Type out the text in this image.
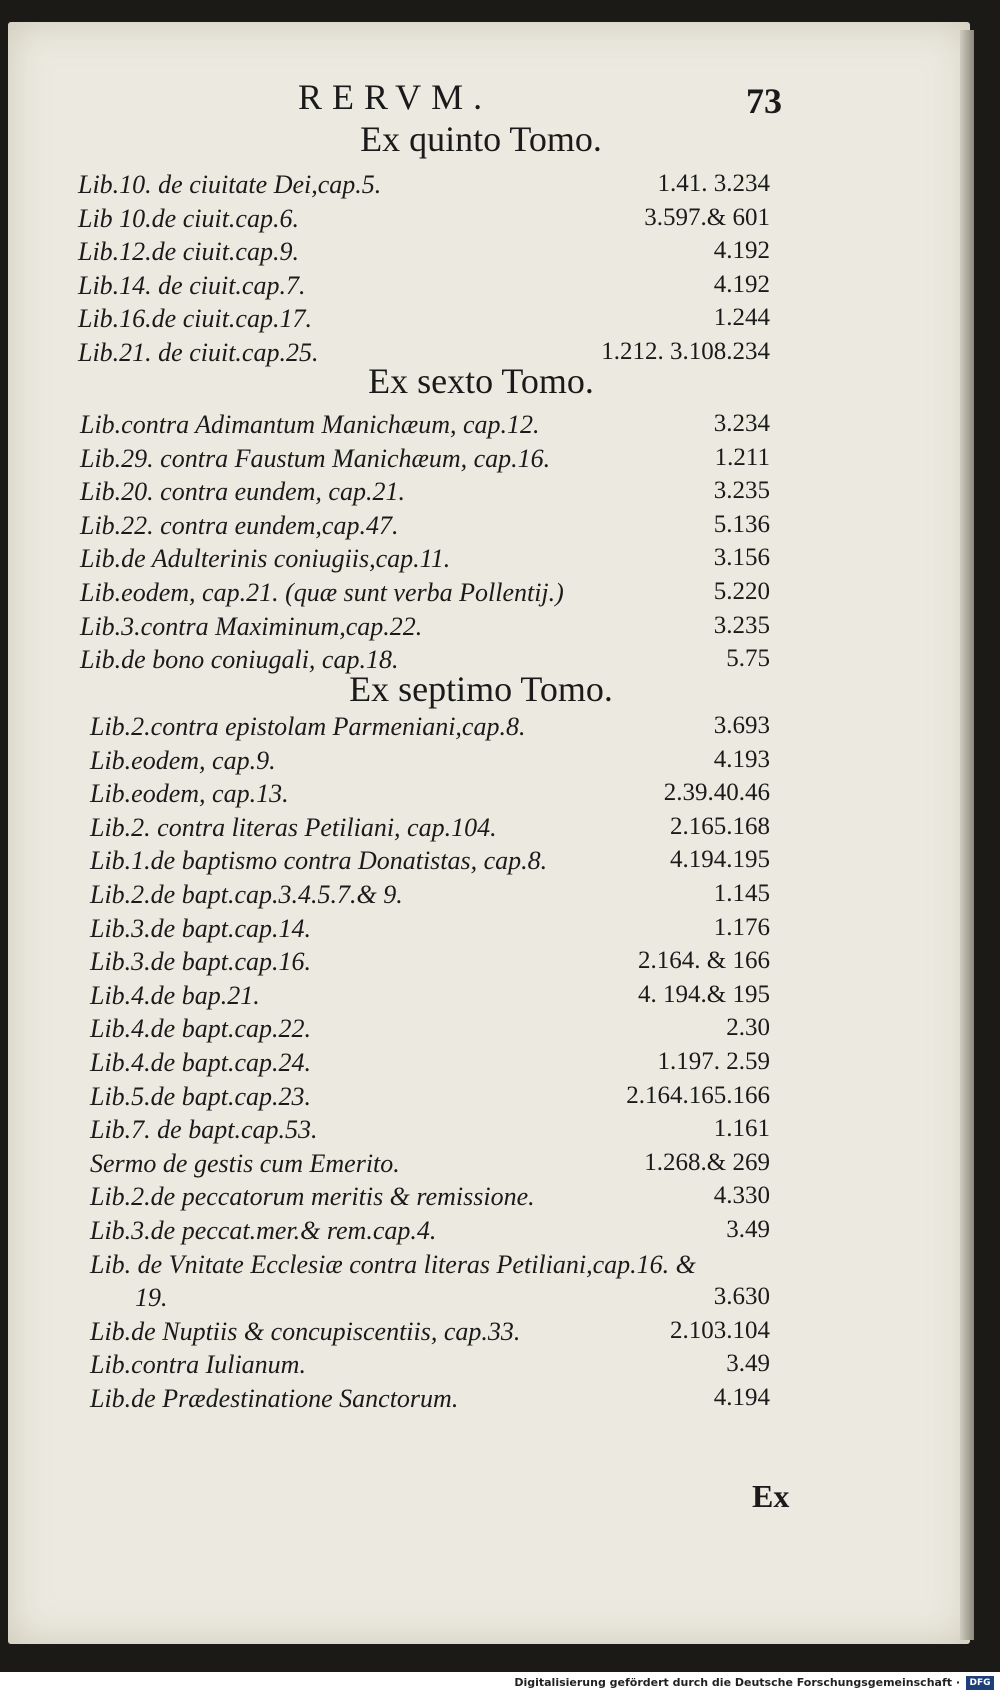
RERVM.	73
Ex quinto Tomo.
Lib.10. de ciuitate Dei,cap.5.	1.41. 3.234
Lib 10.de ciuit.cap.6.	3.597.& 601
Lib.12.de ciuit.cap.9.	4.192
Lib.14. de ciuit.cap.7.	4.192
Lib.16.de ciuit.cap.17.	1.244
Lib.21. de ciuit.cap.25.	1.212. 3.108.234
Ex sexto Tomo.
Lib.contra Adimantum Manichæum, cap.12.	3.234
Lib.29. contra Faustum Manichæum, cap.16.	1.211
Lib.20. contra eundem, cap.21.	3.235
Lib.22. contra eundem,cap.47.	5.136
Lib.de Adulterinis coniugiis,cap.11.	3.156
Lib.eodem, cap.21. (quæ sunt verba Pollentij.)	5.220
Lib.3.contra Maximinum,cap.22.	3.235
Lib.de bono coniugali, cap.18.	5.75
Ex septimo Tomo.
Lib.2.contra epistolam Parmeniani,cap.8.	3.693
Lib.eodem, cap.9.	4.193
Lib.eodem, cap.13.	2.39.40.46
Lib.2. contra literas Petiliani, cap.104.	2.165.168
Lib.1.de baptismo contra Donatistas, cap.8.	4.194.195
Lib.2.de bapt.cap.3.4.5.7.& 9.	1.145
Lib.3.de bapt.cap.14.	1.176
Lib.3.de bapt.cap.16.	2.164. & 166
Lib.4.de bap.21.	4. 194.& 195
Lib.4.de bapt.cap.22.	2.30
Lib.4.de bapt.cap.24.	1.197. 2.59
Lib.5.de bapt.cap.23.	2.164.165.166
Lib.7. de bapt.cap.53.	1.161
Sermo de gestis cum Emerito.	1.268.& 269
Lib.2.de peccatorum meritis & remissione.	4.330
Lib.3.de peccat.mer.& rem.cap.4.	3.49
Lib. de Vnitate Ecclesiæ contra literas Petiliani,cap.16. &
19.	3.630
Lib.de Nuptiis & concupiscentiis, cap.33.	2.103.104
Lib.contra Iulianum.	3.49
Lib.de Prædestinatione Sanctorum.	4.194
Ex
Digitalisierung gefördert durch die Deutsche Forschungsgemeinschaft ·	DFG
